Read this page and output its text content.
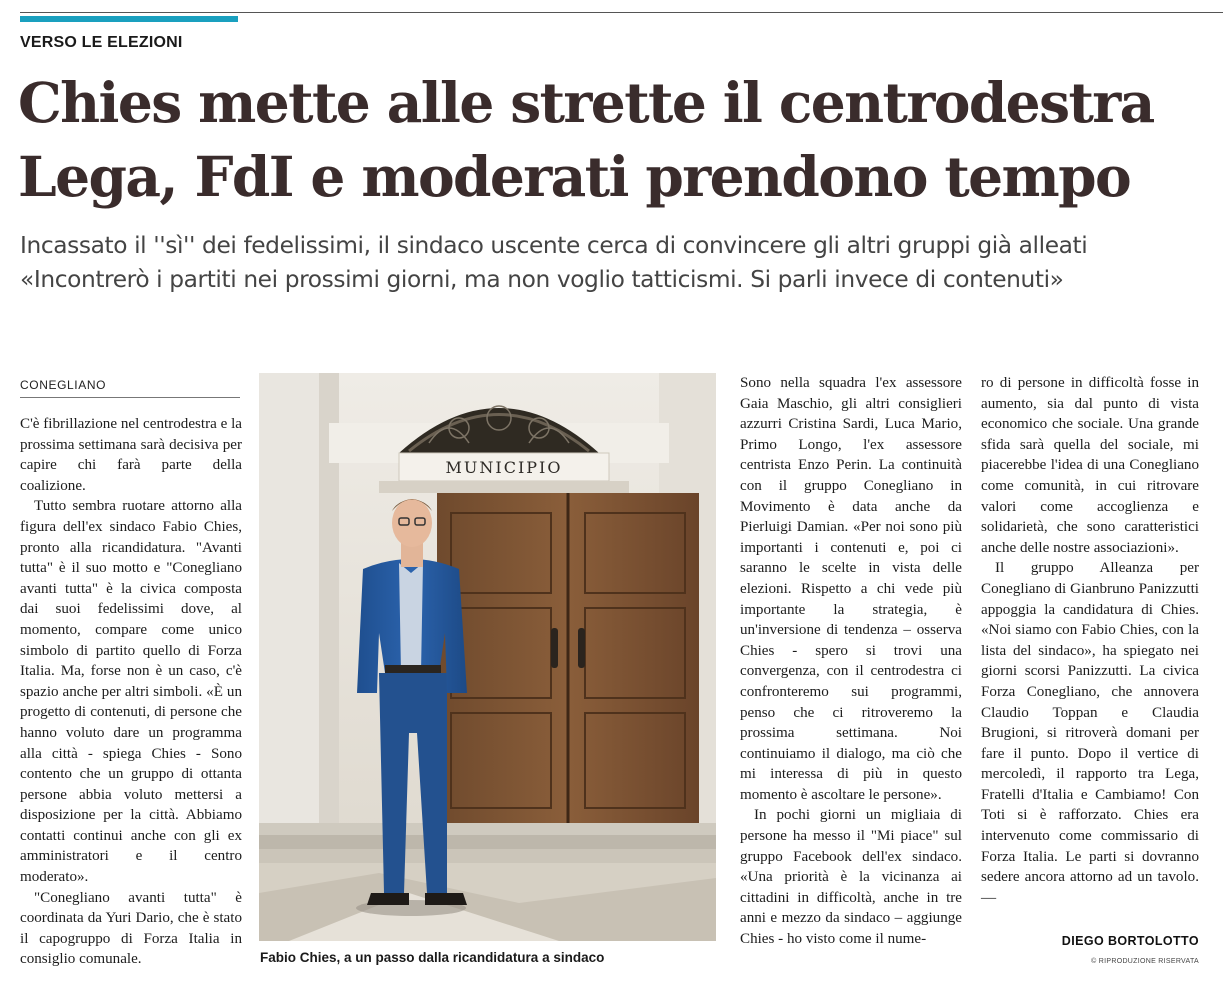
VERSO LE ELEZIONI
Chies mette alle strette il centrodestra
Lega, FdI e moderati prendono tempo
Incassato il ''sì'' dei fedelissimi, il sindaco uscente cerca di convincere gli altri gruppi già alleati
«Incontrerò i partiti nei prossimi giorni, ma non voglio tatticismi. Si parli invece di contenuti»
CONEGLIANO

C'è fibrillazione nel centrodestra e la prossima settimana sarà decisiva per capire chi farà parte della coalizione.

Tutto sembra ruotare attorno alla figura dell'ex sindaco Fabio Chies, pronto alla ricandidatura. "Avanti tutta" è il suo motto e "Conegliano avanti tutta" è la civica composta dai suoi fedelissimi dove, al momento, compare come unico simbolo di partito quello di Forza Italia. Ma, forse non è un caso, c'è spazio anche per altri simboli. «È un progetto di contenuti, di persone che hanno voluto dare un programma alla città - spiega Chies - Sono contento che un gruppo di ottanta persone abbia voluto mettersi a disposizione per la città. Abbiamo contatti continui anche con gli ex amministratori e il centro moderato».

"Conegliano avanti tutta" è coordinata da Yuri Dario, che è stato il capogruppo di Forza Italia in consiglio comunale.

MUNICIPIO
Fabio Chies, a un passo dalla ricandidatura a sindaco

Sono nella squadra l'ex assessore Gaia Maschio, gli altri consiglieri azzurri Cristina Sardi, Luca Mario, Primo Longo, l'ex assessore centrista Enzo Perin. La continuità con il gruppo Conegliano in Movimento è data anche da Pierluigi Damian. «Per noi sono più importanti i contenuti e, poi ci saranno le scelte in vista delle elezioni. Rispetto a chi vede più importante la strategia, è un'inversione di tendenza – osserva Chies - spero si trovi una convergenza, con il centrodestra ci confronteremo sui programmi, penso che ci ritroveremo la prossima settimana. Noi continuiamo il dialogo, ma ciò che mi interessa di più in questo momento è ascoltare le persone».

In pochi giorni un migliaia di persone ha messo il "Mi piace" sul gruppo Facebook dell'ex sindaco. «Una priorità è la vicinanza ai cittadini in difficoltà, anche in tre anni e mezzo da sindaco – aggiunge Chies - ho visto come il nume-

ro di persone in difficoltà fosse in aumento, sia dal punto di vista economico che sociale. Una grande sfida sarà quella del sociale, mi piacerebbe l'idea di una Conegliano come comunità, in cui ritrovare valori come accoglienza e solidarietà, che sono caratteristici anche delle nostre associazioni».

Il gruppo Alleanza per Conegliano di Gianbruno Panizzutti appoggia la candidatura di Chies. «Noi siamo con Fabio Chies, con la lista del sindaco», ha spiegato nei giorni scorsi Panizzutti. La civica Forza Conegliano, che annovera Claudio Toppan e Claudia Brugioni, si ritroverà domani per fare il punto. Dopo il vertice di mercoledì, il rapporto tra Lega, Fratelli d'Italia e Cambiamo! Con Toti si è rafforzato. Chies era intervenuto come commissario di Forza Italia. Le parti si dovranno sedere ancora attorno ad un tavolo. —

DIEGO BORTOLOTTO
© RIPRODUZIONE RISERVATA
